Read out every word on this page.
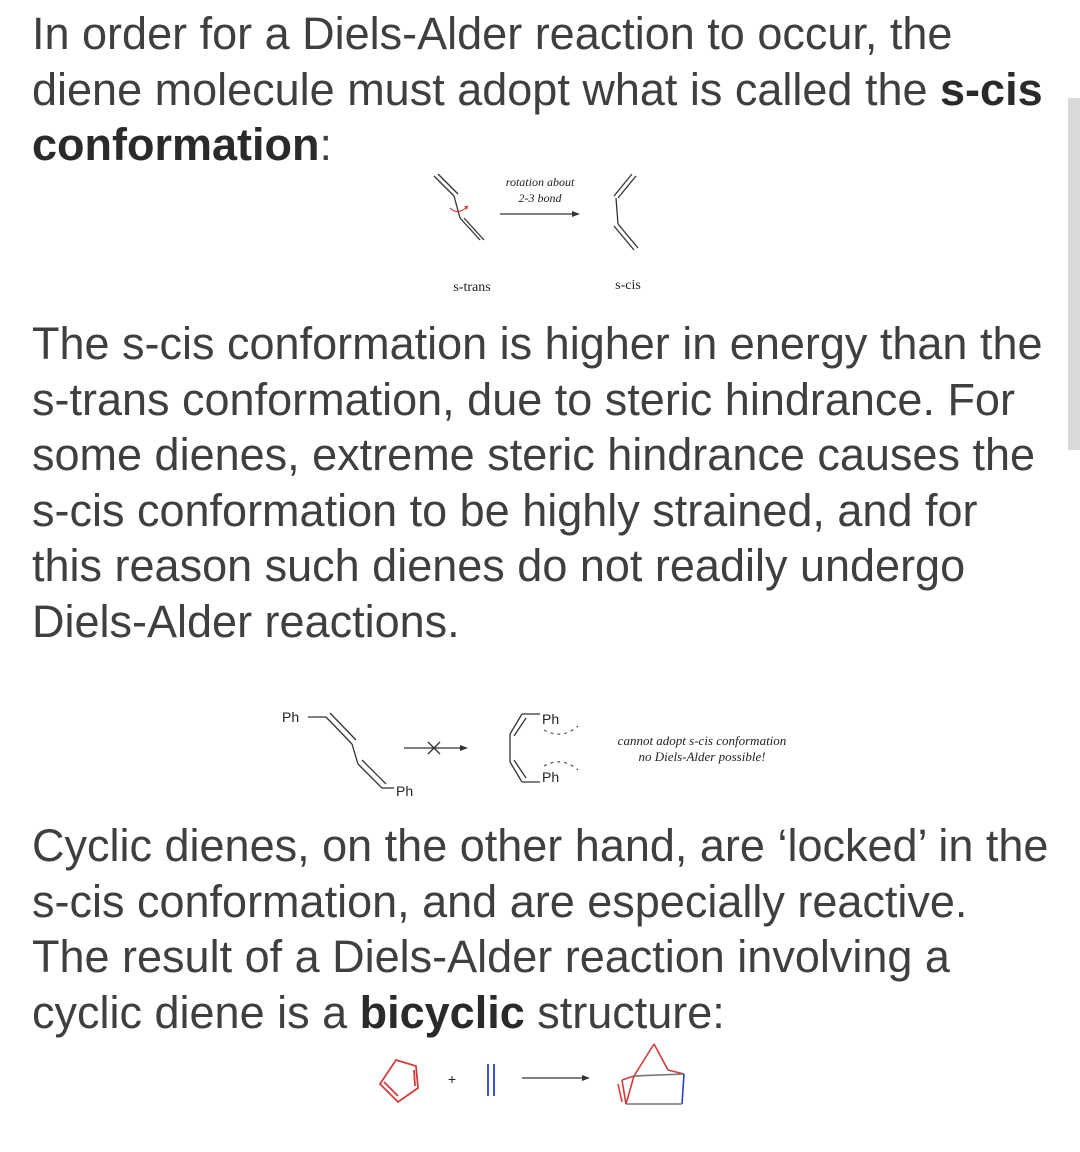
In order for a Diels-Alder reaction to occur, the diene molecule must adopt what is called the s-cis conformation:

rotation about
2-3 bond
s-trans	s-cis

The s-cis conformation is higher in energy than the s-trans conformation, due to steric hindrance. For some dienes, extreme steric hindrance causes the s-cis conformation to be highly strained, and for this reason such dienes do not readily undergo Diels-Alder reactions.

Ph
Ph
Ph
Ph
cannot adopt s-cis conformation
no Diels-Alder possible!

Cyclic dienes, on the other hand, are ‘locked’ in the s-cis conformation, and are especially reactive. The result of a Diels-Alder reaction involving a cyclic diene is a bicyclic structure:

+
